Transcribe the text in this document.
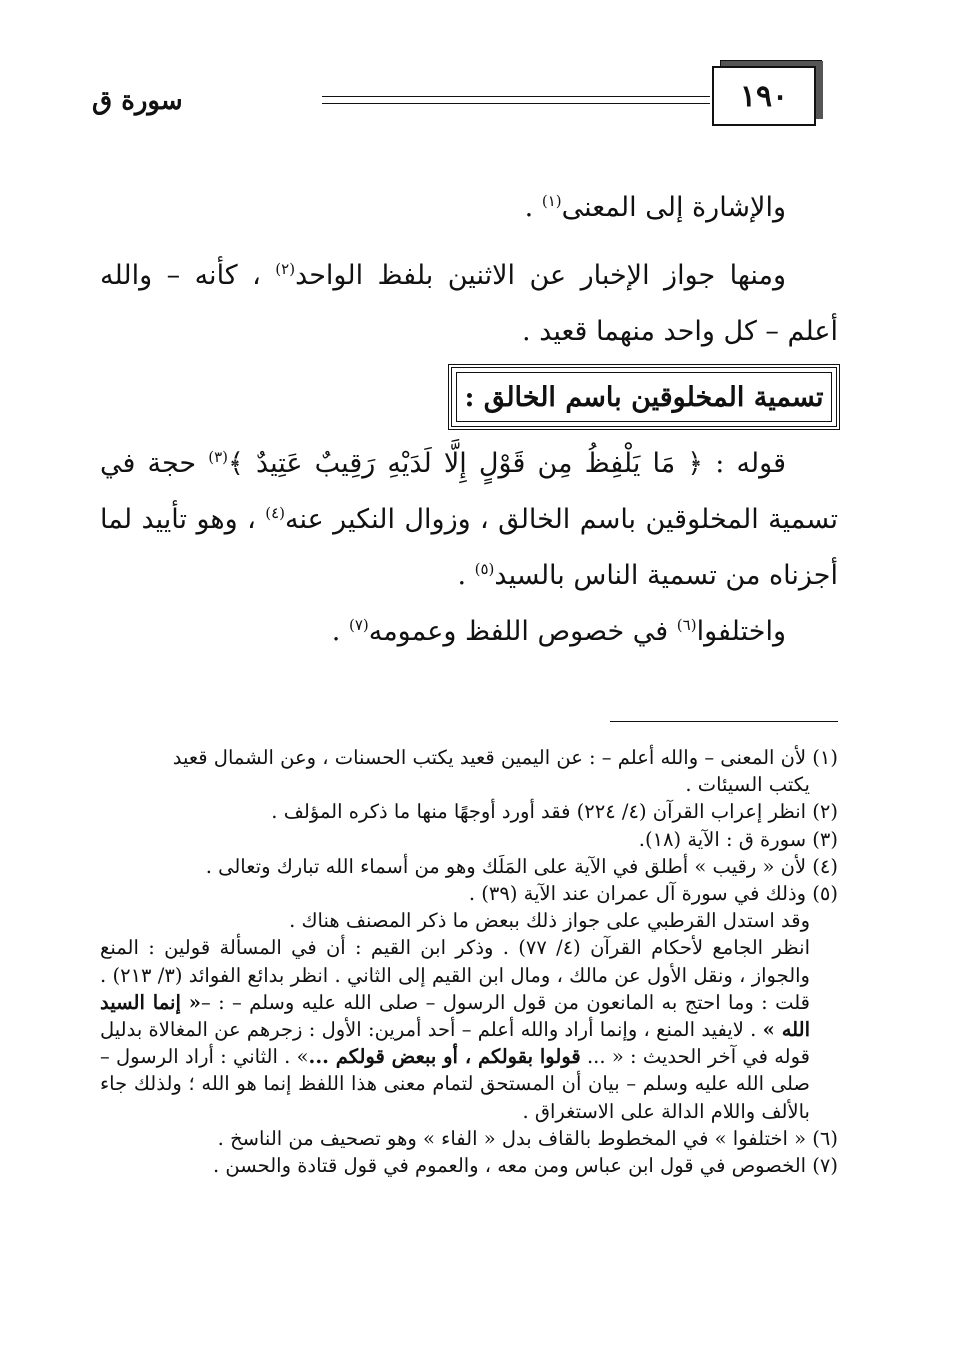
سورة ق	١٩٠

والإشارة إلى المعنى$^{(١)}$ .

ومنها جواز الإخبار عن الاثنين بلفظ الواحد$^{(٢)}$ ، كأنه – والله أعلم – كل واحد منهما قعيد .

تسمية المخلوقين باسم الخالق :

قوله : ﴿ مَا يَلْفِظُ مِن قَوْلٍ إِلَّا لَدَيْهِ رَقِيبٌ عَتِيدٌ ﴾$^{(٣)}$ حجة في تسمية المخلوقين باسم الخالق ، وزوال النكير عنه$^{(٤)}$ ، وهو تأييد لما أجزناه من تسمية الناس بالسيد$^{(٥)}$ .

واختلفوا$^{(٦)}$ في خصوص اللفظ وعمومه$^{(٧)}$ .

(١) لأن المعنى – والله أعلم – : عن اليمين قعيد يكتب الحسنات ، وعن الشمال قعيد
يكتب السيئات .

(٢) انظر إعراب القرآن (٤/ ٢٢٤) فقد أورد أوجهًا منها ما ذكره المؤلف .

(٣) سورة ق : الآية (١٨).

(٤) لأن « رقيب » أطلق في الآية على المَلَك وهو من أسماء الله تبارك وتعالى .

(٥) وذلك في سورة آل عمران عند الآية (٣٩) .

وقد استدل القرطبي على جواز ذلك ببعض ما ذكر المصنف هناك .

انظر الجامع لأحكام القرآن (٤/ ٧٧) . وذكر ابن القيم : أن في المسألة قولين : المنع والجواز ، ونقل الأول عن مالك ، ومال ابن القيم إلى الثاني . انظر بدائع الفوائد (٣/ ٢١٣) . قلت : وما احتج به المانعون من قول الرسول – صلى الله عليه وسلم – : –« إنما السيد الله » . لايفيد المنع ، وإنما أراد والله أعلم – أحد أمرين: الأول : زجرهم عن المغالاة بدليل قوله في آخر الحديث : « ... قولوا بقولكم ، أو ببعض قولكم ...» . الثاني : أراد الرسول – صلى الله عليه وسلم – بيان أن المستحق لتمام معنى هذا اللفظ إنما هو الله ؛ ولذلك جاء بالألف واللام الدالة على الاستغراق .

(٦) « اختلفوا » في المخطوط بالقاف بدل « الفاء » وهو تصحيف من الناسخ .

(٧) الخصوص في قول ابن عباس ومن معه ، والعموم في قول قتادة والحسن .
